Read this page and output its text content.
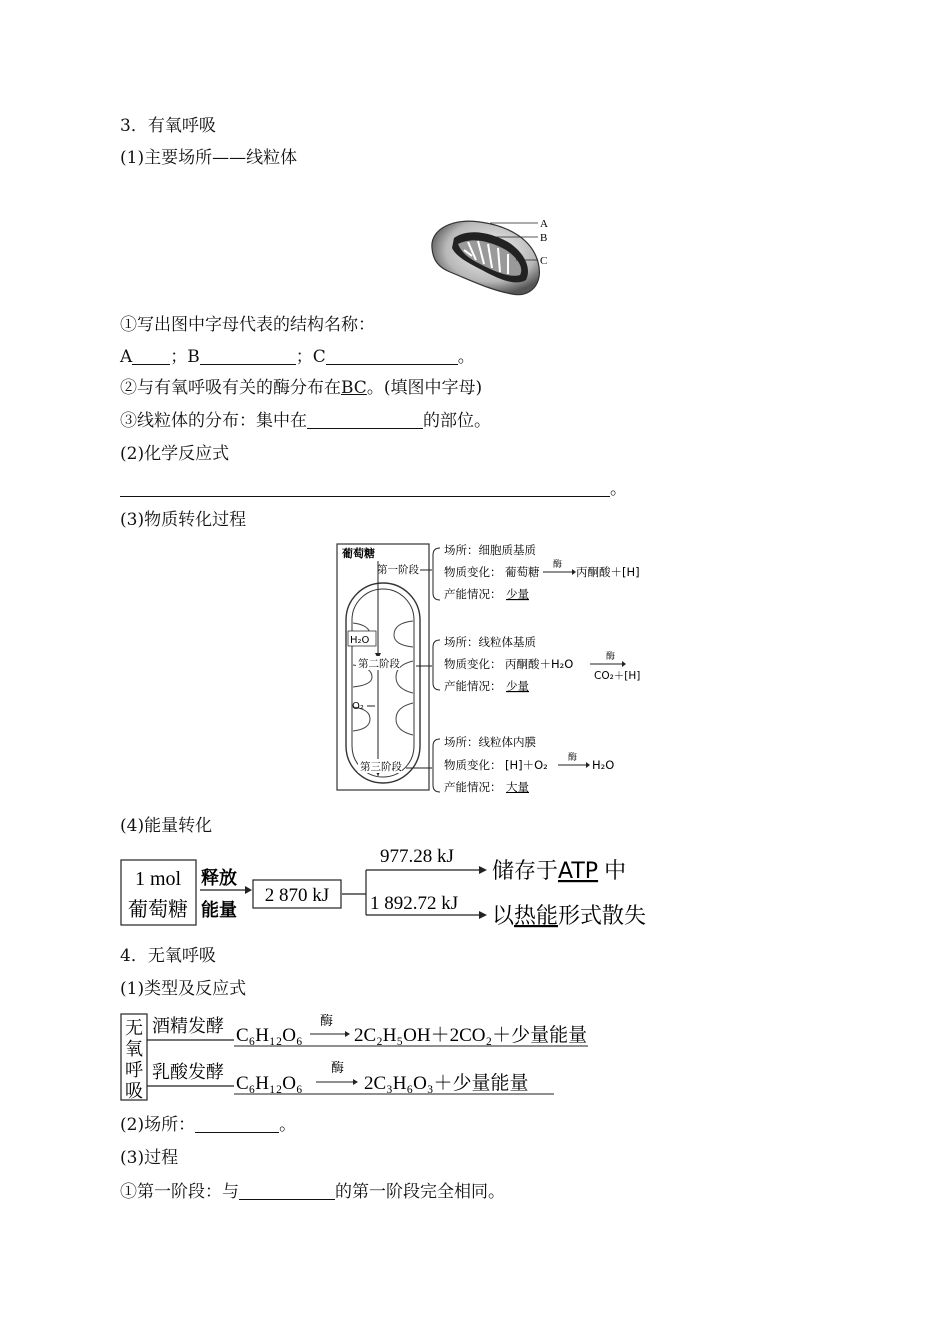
3．有氧呼吸
(1)主要场所——线粒体
A
B
C
①写出图中字母代表的结构名称：
A ；B	；C	。
②与有氧呼吸有关的酶分布在BC。(填图中字母)
③线粒体的分布：集中在	的部位。
(2)化学反应式
。
(3)物质转化过程
葡萄糖
第一阶段
H₂O
第二阶段
O₂
第三阶段
场所：细胞质基质
物质变化： 葡萄糖 酶 丙酮酸＋[H]
产能情况： 少量
场所：线粒体基质
物质变化： 丙酮酸＋H₂O	酶
CO₂＋[H]
产能情况： 少量
场所：线粒体内膜
物质变化： [H]＋O₂ 酶 H₂O
产能情况： 大量
(4)能量转化
1 mol
葡萄糖
释放
能量
2 870 kJ
977.28 kJ
1 892.72 kJ
储存于ATP 中
以热能形式散失
4．无氧呼吸
(1)类型及反应式
无
氧
呼
吸
酒精发酵
乳酸发酵
C₆H₁₂O₆
酶
2C₂H₅OH＋2CO₂＋少量能量
C₆H₁₂O₆
酶
2C₃H₆O₃＋少量能量
(2)场所：	。
(3)过程
①第一阶段：与	的第一阶段完全相同。
